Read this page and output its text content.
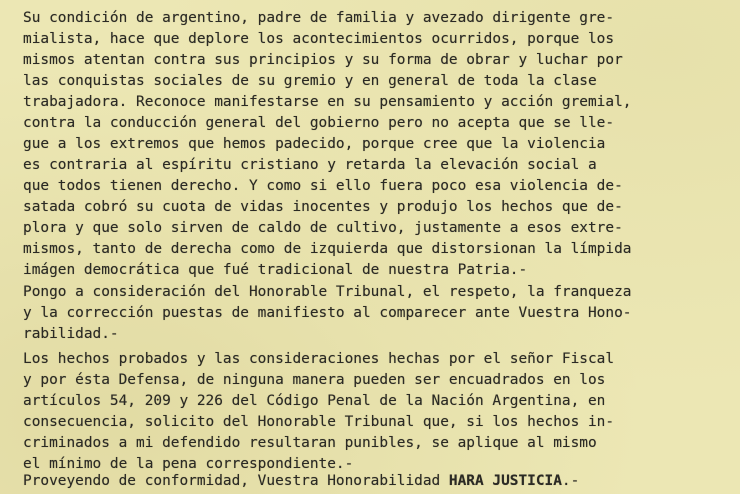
Su condición de argentino, padre de familia y avezado dirigente gre-

mialista, hace que deplore los acontecimientos ocurridos, porque los

mismos atentan contra sus principios y su forma de obrar y luchar por

las conquistas sociales de su gremio y en general de toda la clase

trabajadora. Reconoce manifestarse en su pensamiento y acción gremial,

contra la conducción general del gobierno pero no acepta que se lle-

gue a los extremos que hemos padecido, porque cree que la violencia

es contraria al espíritu cristiano y retarda la elevación social a

que todos tienen derecho. Y como si ello fuera poco esa violencia de-

satada cobró su cuota de vidas inocentes y produjo los hechos que de-

plora y que solo sirven de caldo de cultivo, justamente a esos extre-

mismos, tanto de derecha como de izquierda que distorsionan la límpida

imágen democrática que fué tradicional de nuestra Patria.-

Pongo a consideración del Honorable Tribunal, el respeto, la franqueza

y la corrección puestas de manifiesto al comparecer ante Vuestra Hono-

rabilidad.-

Los hechos probados y las consideraciones hechas por el señor Fiscal

y por ésta Defensa, de ninguna manera pueden ser encuadrados en los

artículos 54, 209 y 226 del Código Penal de la Nación Argentina, en

consecuencia, solicito del Honorable Tribunal que, si los hechos in-

criminados a mi defendido resultaran punibles, se aplique al mismo

el mínimo de la pena correspondiente.-

Proveyendo de conformidad, Vuestra Honorabilidad HARA JUSTICIA.-
